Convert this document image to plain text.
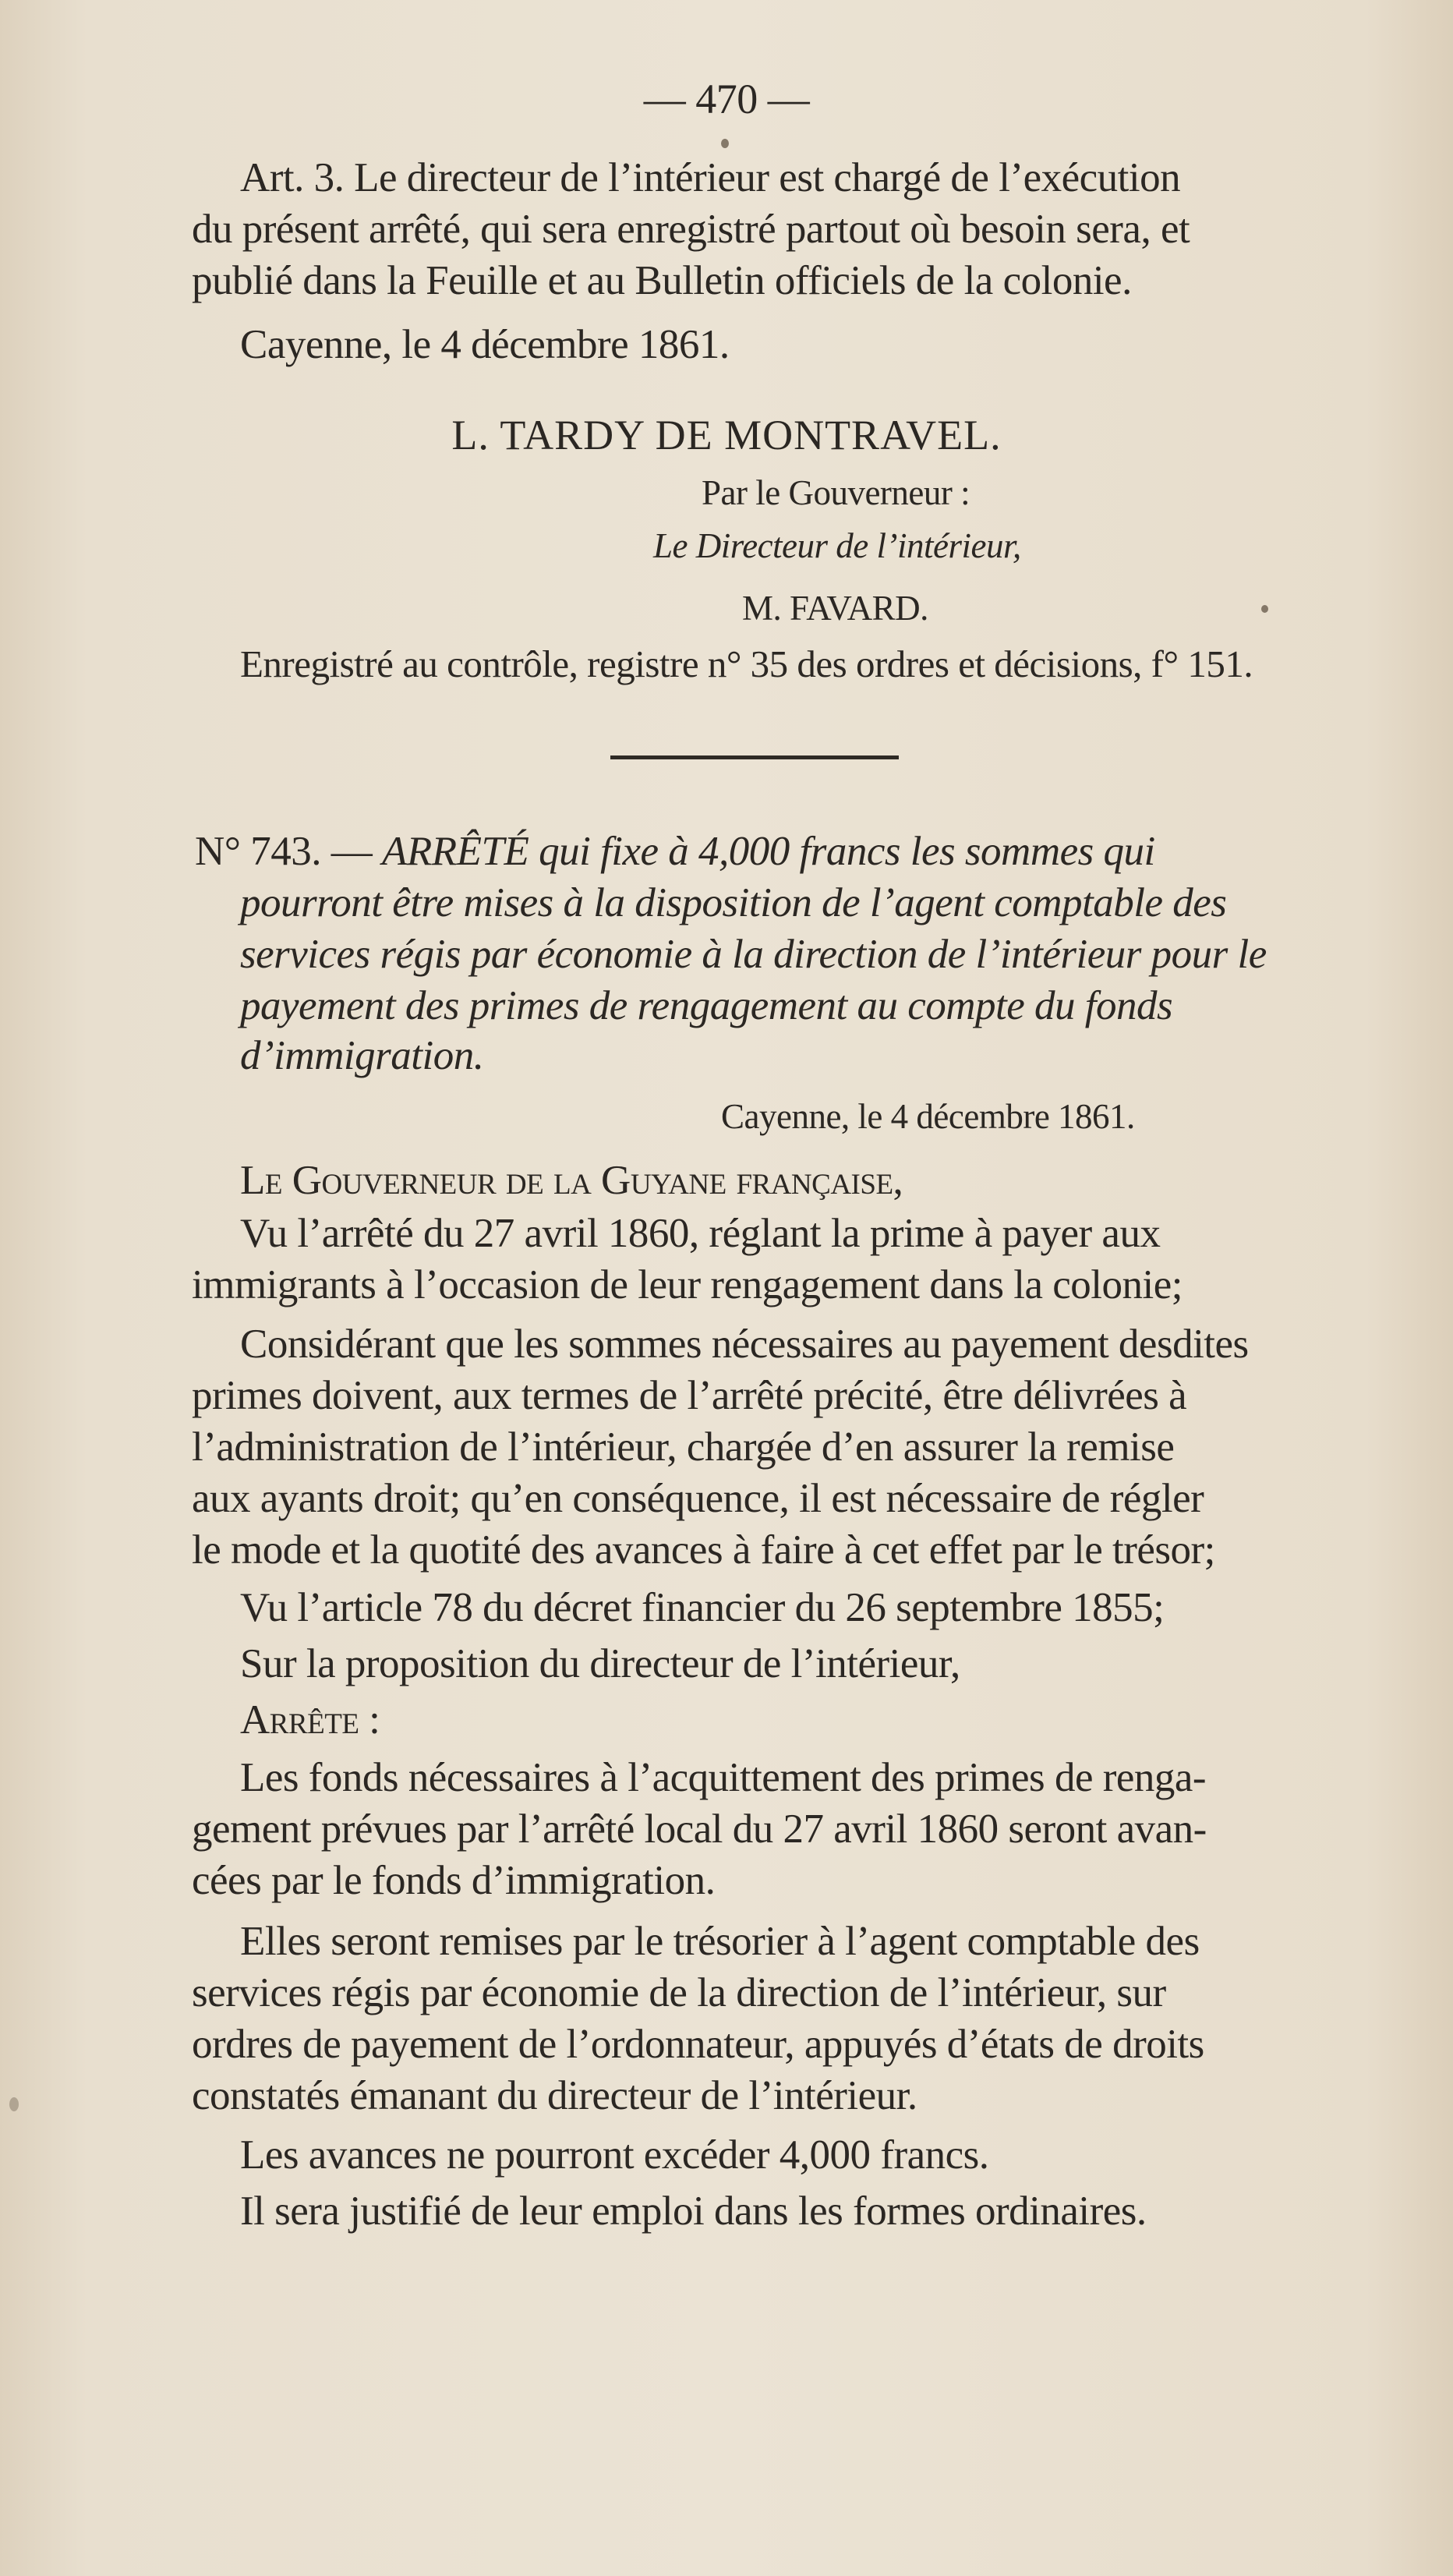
— 470 —
Art. 3. Le directeur de l’intérieur est chargé de l’exécution
du présent arrêté, qui sera enregistré partout où besoin sera, et
publié dans la Feuille et au Bulletin officiels de la colonie.
Cayenne, le 4 décembre 1861.
L. TARDY DE MONTRAVEL.
Par le Gouverneur :
Le Directeur de l’intérieur,
M. FAVARD.
Enregistré au contrôle, registre n° 35 des ordres et décisions, f° 151.
N° 743. — ARRÊTÉ qui fixe à 4,000 francs les sommes qui
pourront être mises à la disposition de l’agent comptable des
services régis par économie à la direction de l’intérieur pour le
payement des primes de rengagement au compte du fonds
d’immigration.
Cayenne, le 4 décembre 1861.
Le Gouverneur de la Guyane française,
Vu l’arrêté du 27 avril 1860, réglant la prime à payer aux
immigrants à l’occasion de leur rengagement dans la colonie;
Considérant que les sommes nécessaires au payement desdites
primes doivent, aux termes de l’arrêté précité, être délivrées à
l’administration de l’intérieur, chargée d’en assurer la remise
aux ayants droit; qu’en conséquence, il est nécessaire de régler
le mode et la quotité des avances à faire à cet effet par le trésor;
Vu l’article 78 du décret financier du 26 septembre 1855;
Sur la proposition du directeur de l’intérieur,
Arrête :
Les fonds nécessaires à l’acquittement des primes de renga-
gement prévues par l’arrêté local du 27 avril 1860 seront avan-
cées par le fonds d’immigration.
Elles seront remises par le trésorier à l’agent comptable des
services régis par économie de la direction de l’intérieur, sur
ordres de payement de l’ordonnateur, appuyés d’états de droits
constatés émanant du directeur de l’intérieur.
Les avances ne pourront excéder 4,000 francs.
Il sera justifié de leur emploi dans les formes ordinaires.
